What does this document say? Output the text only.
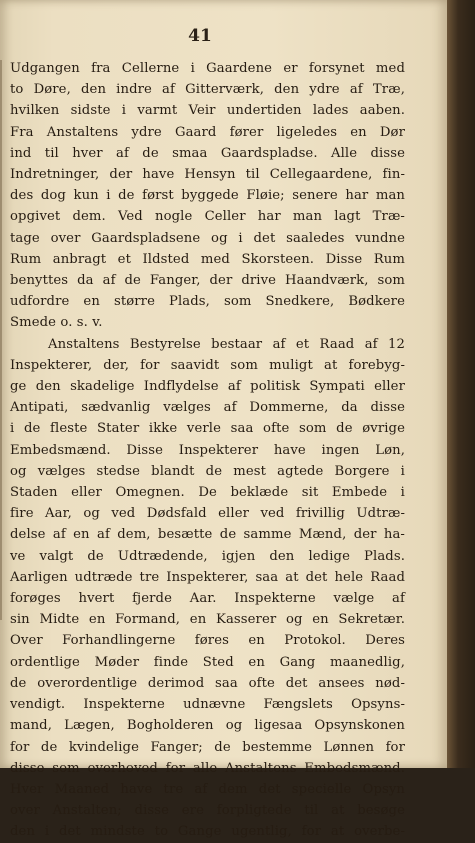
41
Udgangen fra Cellerne i Gaardene er forsynet med
to Døre, den indre af Gitterværk, den ydre af Træ,
hvilken sidste i varmt Veir undertiden lades aaben.
Fra Anstaltens ydre Gaard fører ligeledes en Dør
ind til hver af de smaa Gaardspladse. Alle disse
Indretninger, der have Hensyn til Cellegaardene, fin-
des dog kun i de først byggede Fløie; senere har man
opgivet dem. Ved nogle Celler har man lagt Træ-
tage over Gaardspladsene og i det saaledes vundne
Rum anbragt et Ildsted med Skorsteen. Disse Rum
benyttes da af de Fanger, der drive Haandværk, som
udfordre en større Plads, som Snedkere, Bødkere
Smede o. s. v.
Anstaltens Bestyrelse bestaar af et Raad af 12
Inspekterer, der, for saavidt som muligt at forebyg-
ge den skadelige Indflydelse af politisk Sympati eller
Antipati, sædvanlig vælges af Dommerne, da disse
i de fleste Stater ikke verle saa ofte som de øvrige
Embedsmænd. Disse Inspekterer have ingen Løn,
og vælges stedse blandt de mest agtede Borgere i
Staden eller Omegnen. De beklæde sit Embede i
fire Aar, og ved Dødsfald eller ved frivillig Udtræ-
delse af en af dem, besætte de samme Mænd, der ha-
ve valgt de Udtrædende, igjen den ledige Plads.
Aarligen udtræde tre Inspekterer, saa at det hele Raad
forøges hvert fjerde Aar. Inspekterne vælge af
sin Midte en Formand, en Kasserer og en Sekretær.
Over Forhandlingerne føres en Protokol. Deres
ordentlige Møder finde Sted en Gang maanedlig,
de overordentlige derimod saa ofte det ansees nød-
vendigt. Inspekterne udnævne Fængslets Opsyns-
mand, Lægen, Bogholderen og ligesaa Opsynskonen
for de kvindelige Fanger; de bestemme Lønnen for
disse som overhoved for alle Anstaltens Embedsmænd.
Hver Maaned have tre af dem det specielle Opsyn
over Anstalten; disse ere forpligtede til at besøge
den i det mindste to Gange ugentlig, for at overbe-
